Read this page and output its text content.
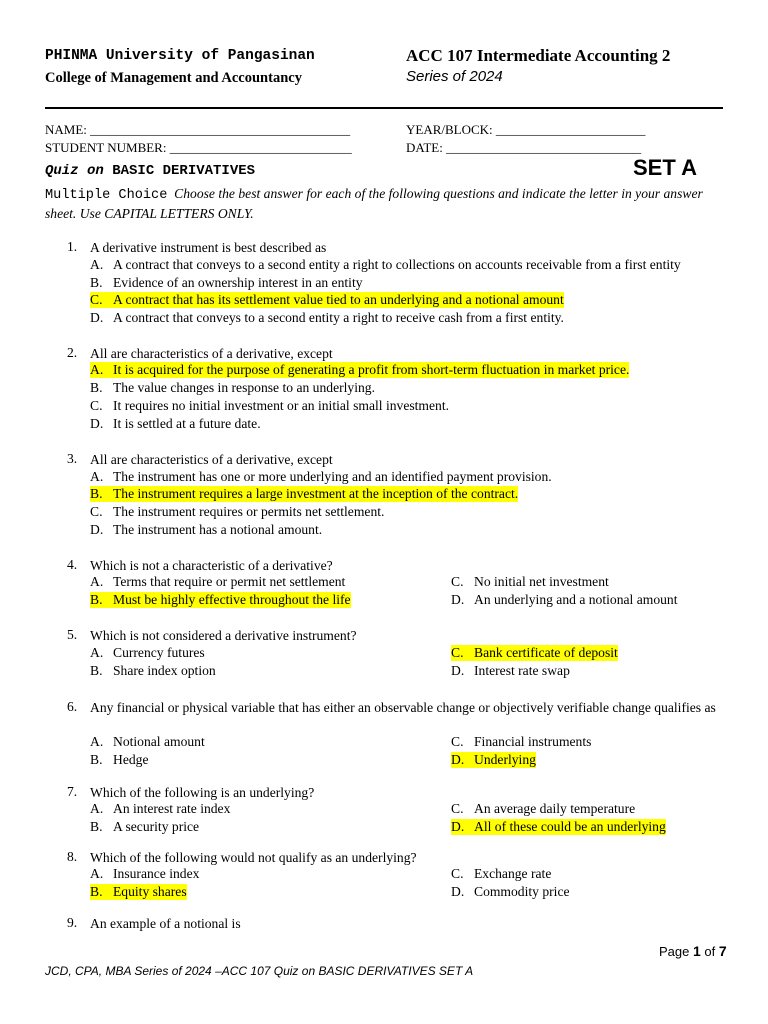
PHINMA University of Pangasinan
College of Management and Accountancy
ACC 107 Intermediate Accounting 2
Series of 2024
NAME: ________________________________________
STUDENT NUMBER: ____________________________
YEAR/BLOCK: _______________________
DATE: ______________________________
Quiz on BASIC DERIVATIVES	SET A
Multiple Choice Choose the best answer for each of the following questions and indicate the letter in your answer sheet. Use CAPITAL LETTERS ONLY.
1. A derivative instrument is best described as
A. A contract that conveys to a second entity a right to collections on accounts receivable from a first entity
B. Evidence of an ownership interest in an entity
C. A contract that has its settlement value tied to an underlying and a notional amount
D. A contract that conveys to a second entity a right to receive cash from a first entity.
2. All are characteristics of a derivative, except
A. It is acquired for the purpose of generating a profit from short-term fluctuation in market price.
B. The value changes in response to an underlying.
C. It requires no initial investment or an initial small investment.
D. It is settled at a future date.
3. All are characteristics of a derivative, except
A. The instrument has one or more underlying and an identified payment provision.
B. The instrument requires a large investment at the inception of the contract.
C. The instrument requires or permits net settlement.
D. The instrument has a notional amount.
4. Which is not a characteristic of a derivative?
A. Terms that require or permit net settlement
B. Must be highly effective throughout the life
C. No initial net investment
D. An underlying and a notional amount
5. Which is not considered a derivative instrument?
A. Currency futures
B. Share index option
C. Bank certificate of deposit
D. Interest rate swap
6. Any financial or physical variable that has either an observable change or objectively verifiable change qualifies as
A. Notional amount
B. Hedge
C. Financial instruments
D. Underlying
7. Which of the following is an underlying?
A. An interest rate index
B. A security price
C. An average daily temperature
D. All of these could be an underlying
8. Which of the following would not qualify as an underlying?
A. Insurance index
B. Equity shares
C. Exchange rate
D. Commodity price
9. An example of a notional is
Page 1 of 7
JCD, CPA, MBA Series of 2024 –ACC 107 Quiz on BASIC DERIVATIVES SET A
